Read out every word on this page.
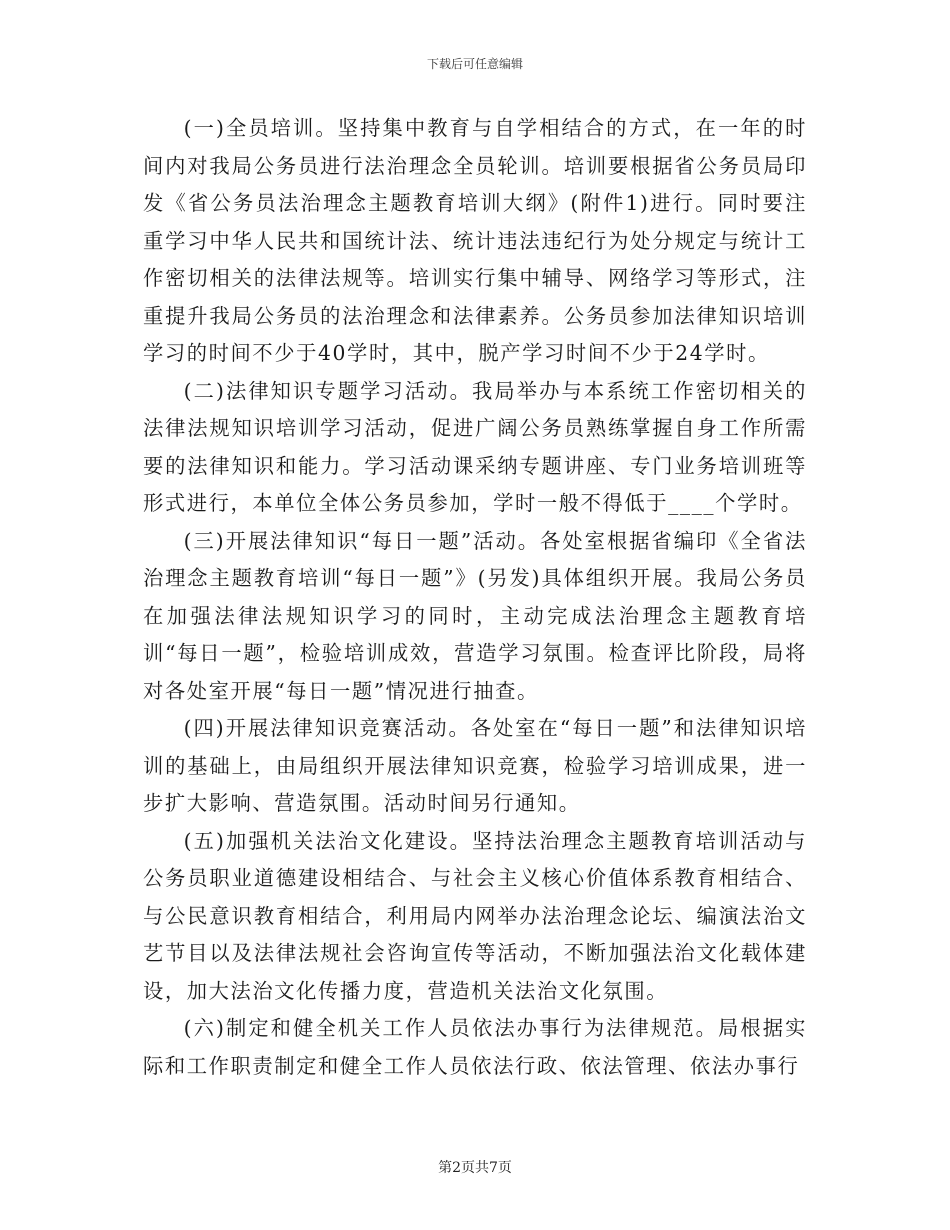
下载后可任意编辑

(一)全员培训。坚持集中教育与自学相结合的方式，在一年的时间内对我局公务员进行法治理念全员轮训。培训要根据省公务员局印发《省公务员法治理念主题教育培训大纲》(附件1)进行。同时要注重学习中华人民共和国统计法、统计违法违纪行为处分规定与统计工作密切相关的法律法规等。培训实行集中辅导、网络学习等形式，注重提升我局公务员的法治理念和法律素养。公务员参加法律知识培训学习的时间不少于40学时，其中，脱产学习时间不少于24学时。

(二)法律知识专题学习活动。我局举办与本系统工作密切相关的法律法规知识培训学习活动，促进广阔公务员熟练掌握自身工作所需要的法律知识和能力。学习活动课采纳专题讲座、专门业务培训班等形式进行，本单位全体公务员参加，学时一般不得低于____个学时。

(三)开展法律知识“每日一题”活动。各处室根据省编印《全省法治理念主题教育培训“每日一题”》(另发)具体组织开展。我局公务员在加强法律法规知识学习的同时，主动完成法治理念主题教育培训“每日一题”，检验培训成效，营造学习氛围。检查评比阶段，局将对各处室开展“每日一题”情况进行抽查。

(四)开展法律知识竞赛活动。各处室在“每日一题”和法律知识培训的基础上，由局组织开展法律知识竞赛，检验学习培训成果，进一步扩大影响、营造氛围。活动时间另行通知。

(五)加强机关法治文化建设。坚持法治理念主题教育培训活动与公务员职业道德建设相结合、与社会主义核心价值体系教育相结合、与公民意识教育相结合，利用局内网举办法治理念论坛、编演法治文艺节目以及法律法规社会咨询宣传等活动，不断加强法治文化载体建设，加大法治文化传播力度，营造机关法治文化氛围。

(六)制定和健全机关工作人员依法办事行为法律规范。局根据实际和工作职责制定和健全工作人员依法行政、依法管理、依法办事行

第2页共7页
